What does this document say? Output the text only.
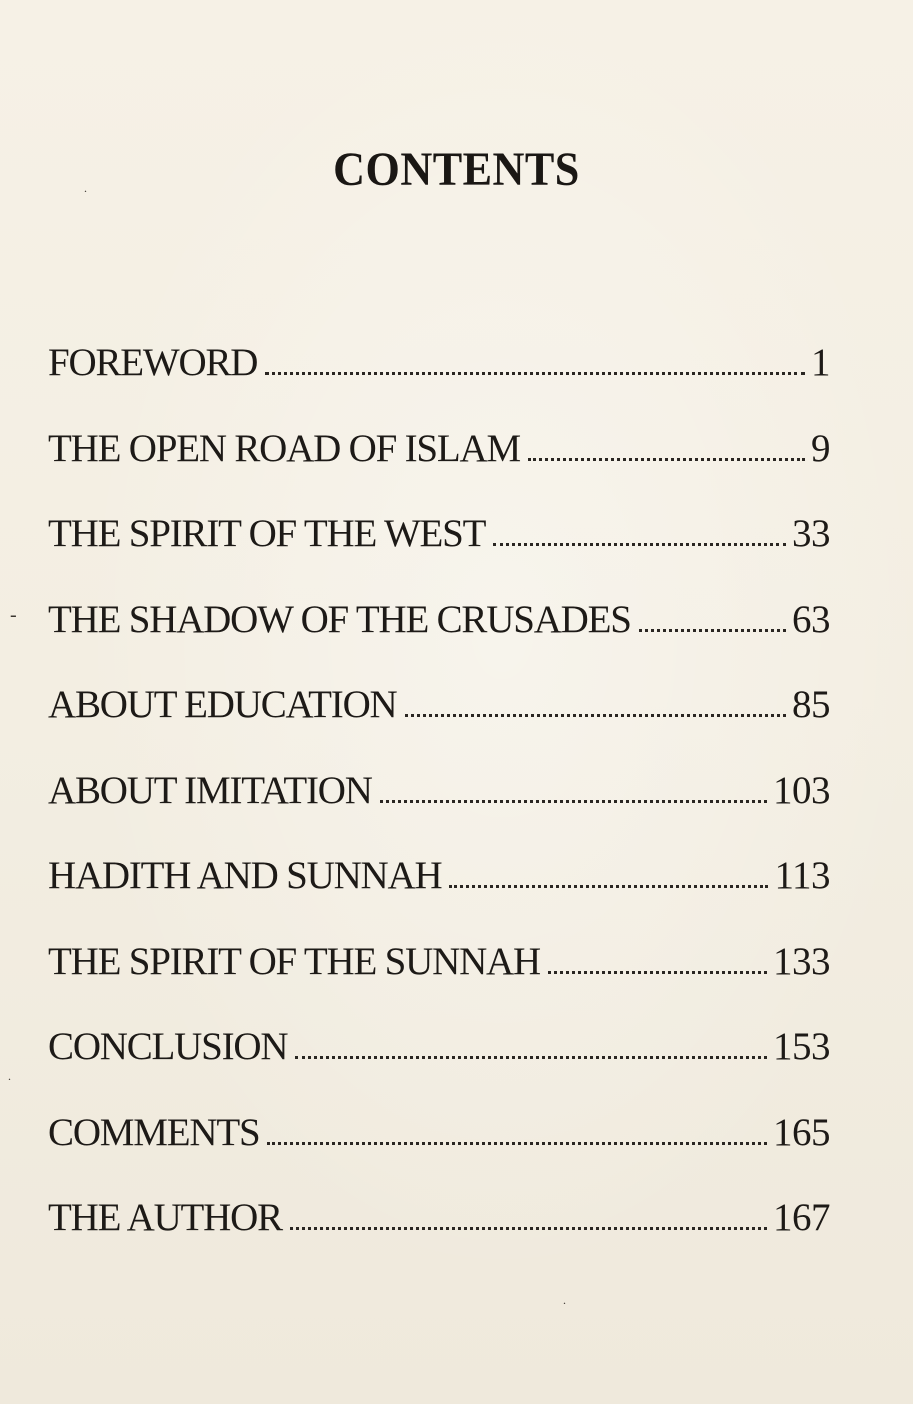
CONTENTS
FOREWORD	1
THE OPEN ROAD OF ISLAM	9
THE SPIRIT OF THE WEST	33
THE SHADOW OF THE CRUSADES	63
ABOUT EDUCATION	85
ABOUT IMITATION	103
HADITH AND SUNNAH	113
THE SPIRIT OF THE SUNNAH	133
CONCLUSION	153
COMMENTS	165
THE AUTHOR	167
-
.
.
.
